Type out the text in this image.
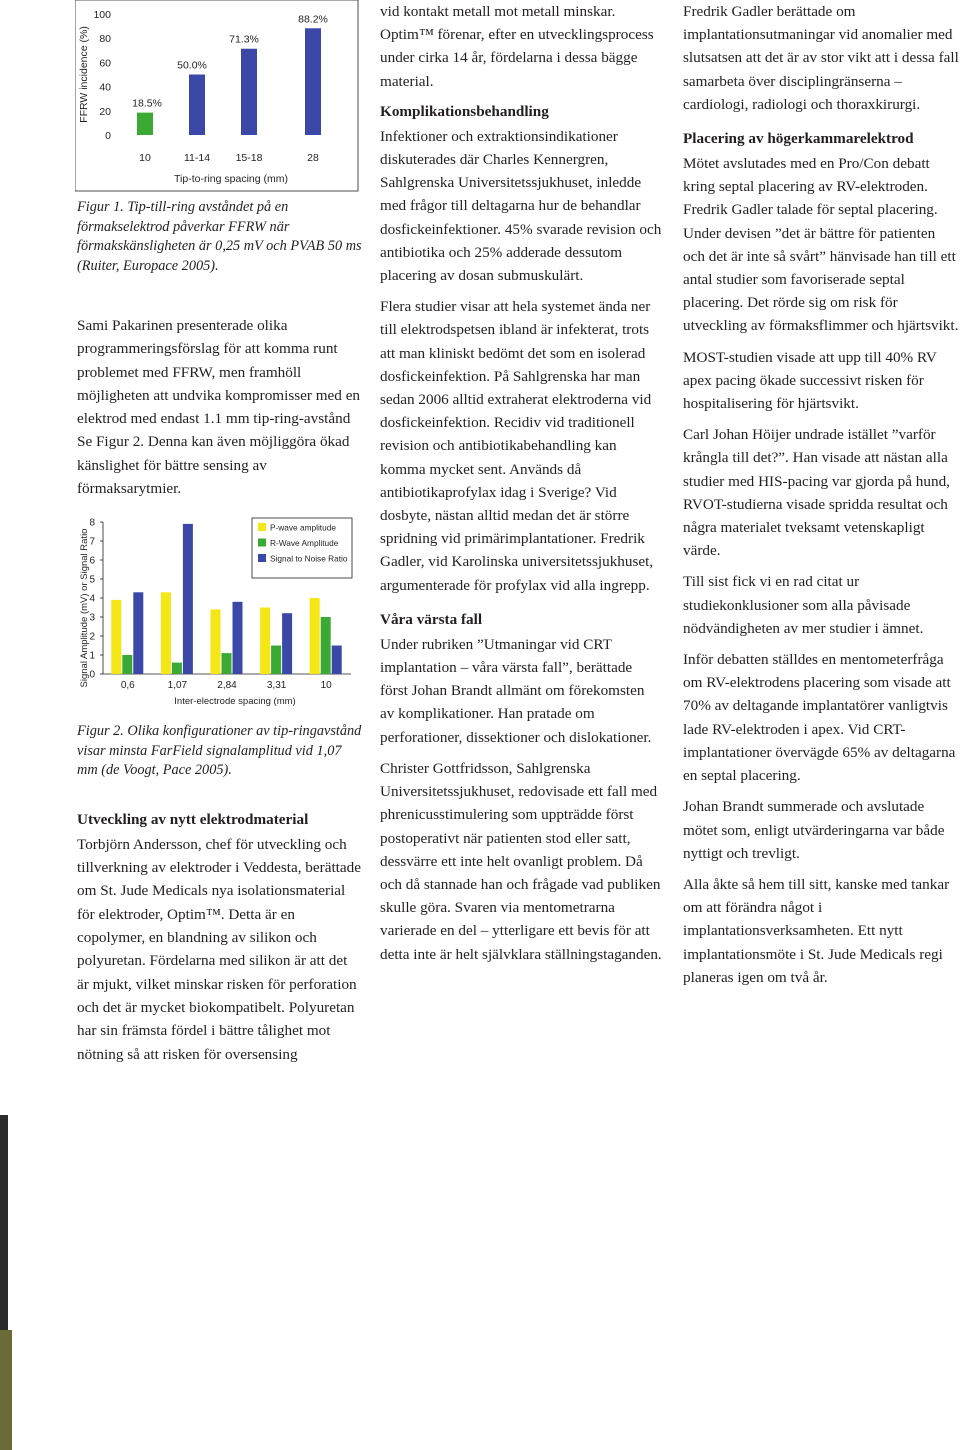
FFRW incidence (%)
0
20
40
60
80
100
18.5%
10
50.0%
11-14
71.3%
15-18
88.2%
28
Tip-to-ring spacing (mm)

Figur 1. Tip-till-ring avståndet på en förmakselektrod påverkar FFRW när förmakskänsligheten är 0,25 mV och PVAB 50 ms (Ruiter, Europace 2005).

Sami Pakarinen presenterade olika programmeringsförslag för att komma runt problemet med FFRW, men framhöll möjligheten att undvika kompromisser med en elektrod med endast 1.1 mm tip-ring-avstånd Se Figur 2. Denna kan även möjliggöra ökad känslighet för bättre sensing av förmaksarytmier.

Signal Amplitude (mV) or Signal Ratio 0
1
2
3
4
5
6
7
8
0,6	1,07	2,84	3,31	10
Inter-electrode spacing (mm)
P-wave amplitude
R-Wave Amplitude
Signal to Noise Ratio

Figur 2. Olika konfigurationer av tip-ringavstånd visar minsta FarField signalamplitud vid 1,07 mm (de Voogt, Pace 2005).

Utveckling av nytt elektrodmaterial

Torbjörn Andersson, chef för utveckling och tillverkning av elektroder i Veddesta, berättade om St. Jude Medicals nya isolationsmaterial för elektroder, Optim™. Detta är en copolymer, en blandning av silikon och polyuretan. Fördelarna med silikon är att det är mjukt, vilket minskar risken för perforation och det är mycket biokompatibelt. Polyuretan har sin främsta fördel i bättre tålighet mot nötning så att risken för oversensing

vid kontakt metall mot metall minskar. Optim™ förenar, efter en utvecklingsprocess under cirka 14 år, fördelarna i dessa bägge material.

Komplikationsbehandling

Infektioner och extraktionsindikationer diskuterades där Charles Kennergren, Sahlgrenska Universitetssjukhuset, inledde med frågor till deltagarna hur de behandlar dosfickeinfektioner. 45% svarade revision och antibiotika och 25% adderade dessutom placering av dosan submuskulärt.

Flera studier visar att hela systemet ända ner till elektrodspetsen ibland är infekterat, trots att man kliniskt bedömt det som en isolerad dosfickeinfektion. På Sahlgrenska har man sedan 2006 alltid extraherat elektroderna vid dosfickeinfektion. Recidiv vid traditionell revision och antibiotikabehandling kan komma mycket sent. Används då antibiotikaprofylax idag i Sverige? Vid dosbyte, nästan alltid medan det är större spridning vid primärimplantationer. Fredrik Gadler, vid Karolinska universitetssjukhuset, argumenterade för profylax vid alla ingrepp.

Våra värsta fall

Under rubriken ”Utmaningar vid CRT implantation – våra värsta fall”, berättade först Johan Brandt allmänt om förekomsten av komplikationer. Han pratade om perforationer, dissektioner och dislokationer.

Christer Gottfridsson, Sahlgrenska Universitetssjukhuset, redovisade ett fall med phrenicusstimulering som uppträdde först postoperativt när patienten stod eller satt, dessvärre ett inte helt ovanligt problem. Då och då stannade han och frågade vad publiken skulle göra. Svaren via mentometrarna varierade en del – ytterligare ett bevis för att detta inte är helt självklara ställningstaganden.

Fredrik Gadler berättade om implantationsutmaningar vid anomalier med slutsatsen att det är av stor vikt att i dessa fall samarbeta över disciplingränserna – cardiologi, radiologi och thoraxkirurgi.

Placering av högerkammarelektrod

Mötet avslutades med en Pro/Con debatt kring septal placering av RV-elektroden. Fredrik Gadler talade för septal placering. Under devisen ”det är bättre för patienten och det är inte så svårt” hänvisade han till ett antal studier som favoriserade septal placering. Det rörde sig om risk för utveckling av förmaksflimmer och hjärtsvikt.

MOST-studien visade att upp till 40% RV apex pacing ökade successivt risken för hospitalisering för hjärtsvikt.

Carl Johan Höijer undrade istället ”varför krångla till det?”. Han visade att nästan alla studier med HIS-pacing var gjorda på hund, RVOT-studierna visade spridda resultat och några materialet tveksamt vetenskapligt värde.

Till sist fick vi en rad citat ur studiekonklusioner som alla påvisade nödvändigheten av mer studier i ämnet.

Inför debatten ställdes en mentometerfråga om RV-elektrodens placering som visade att 70% av deltagande implantatörer vanligtvis lade RV-elektroden i apex. Vid CRT-implantationer övervägde 65% av deltagarna en septal placering.

Johan Brandt summerade och avslutade mötet som, enligt utvärderingarna var både nyttigt och trevligt.

Alla åkte så hem till sitt, kanske med tankar om att förändra något i implantationsverksamheten. Ett nytt implantationsmöte i St. Jude Medicals regi planeras igen om två år.
